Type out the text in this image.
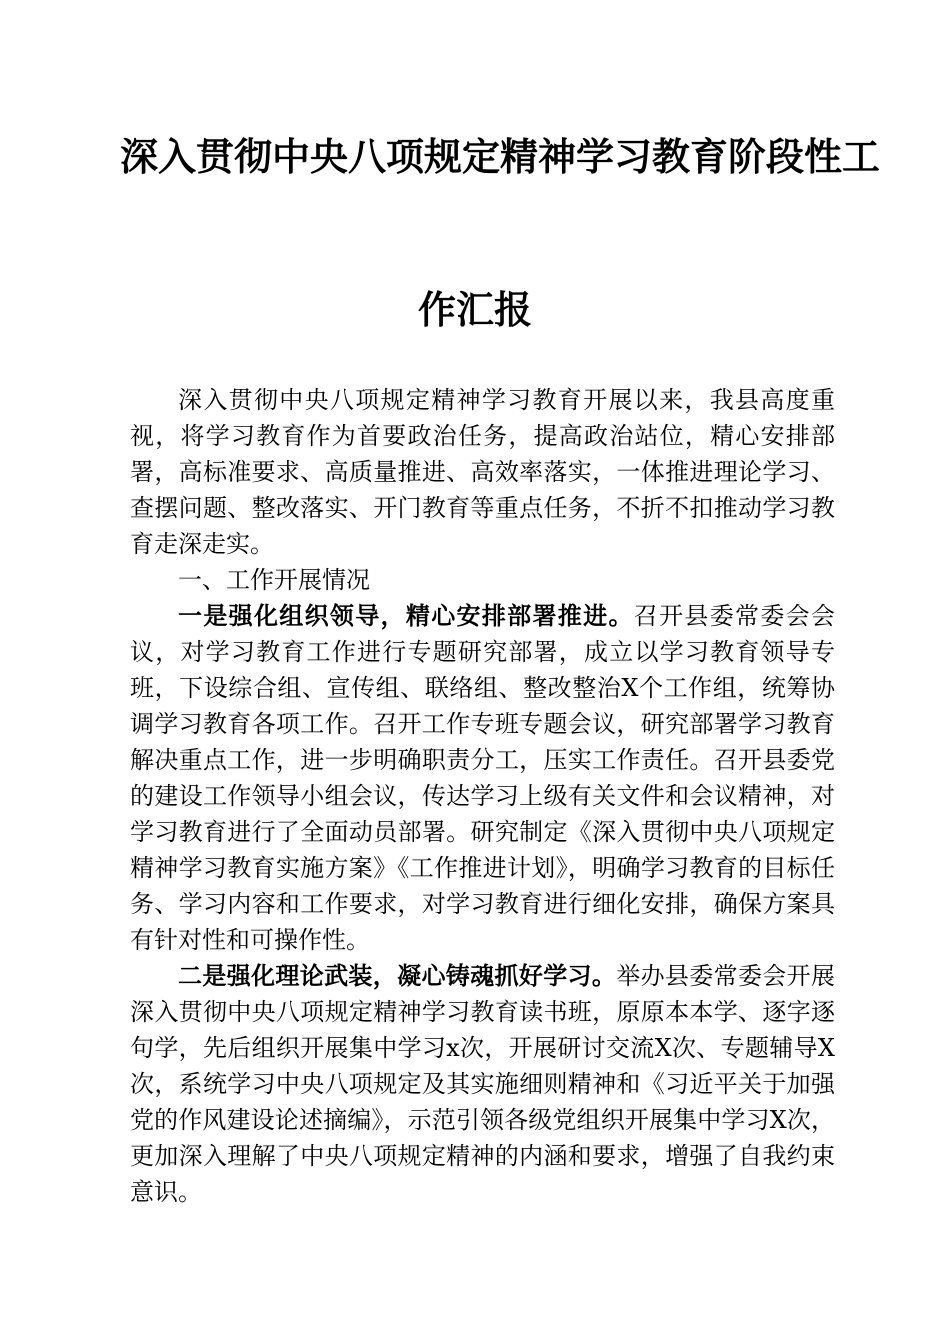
深入贯彻中央八项规定精神学习教育阶段性工
作汇报

深入贯彻中央八项规定精神学习教育开展以来，我县高度重视，将学习教育作为首要政治任务，提高政治站位，精心安排部署，高标准要求、高质量推进、高效率落实，一体推进理论学习、查摆问题、整改落实、开门教育等重点任务，不折不扣推动学习教育走深走实。

一、工作开展情况

一是强化组织领导，精心安排部署推进。召开县委常委会会议，对学习教育工作进行专题研究部署，成立以学习教育领导专班，下设综合组、宣传组、联络组、整改整治X个工作组，统筹协调学习教育各项工作。召开工作专班专题会议，研究部署学习教育解决重点工作，进一步明确职责分工，压实工作责任。召开县委党的建设工作领导小组会议，传达学习上级有关文件和会议精神，对学习教育进行了全面动员部署。研究制定《深入贯彻中央八项规定精神学习教育实施方案》《工作推进计划》，明确学习教育的目标任务、学习内容和工作要求，对学习教育进行细化安排，确保方案具有针对性和可操作性。

二是强化理论武装，凝心铸魂抓好学习。举办县委常委会开展深入贯彻中央八项规定精神学习教育读书班，原原本本学、逐字逐句学，先后组织开展集中学习x次，开展研讨交流X次、专题辅导X次，系统学习中央八项规定及其实施细则精神和《习近平关于加强党的作风建设论述摘编》，示范引领各级党组织开展集中学习X次，更加深入理解了中央八项规定精神的内涵和要求，增强了自我约束意识。
